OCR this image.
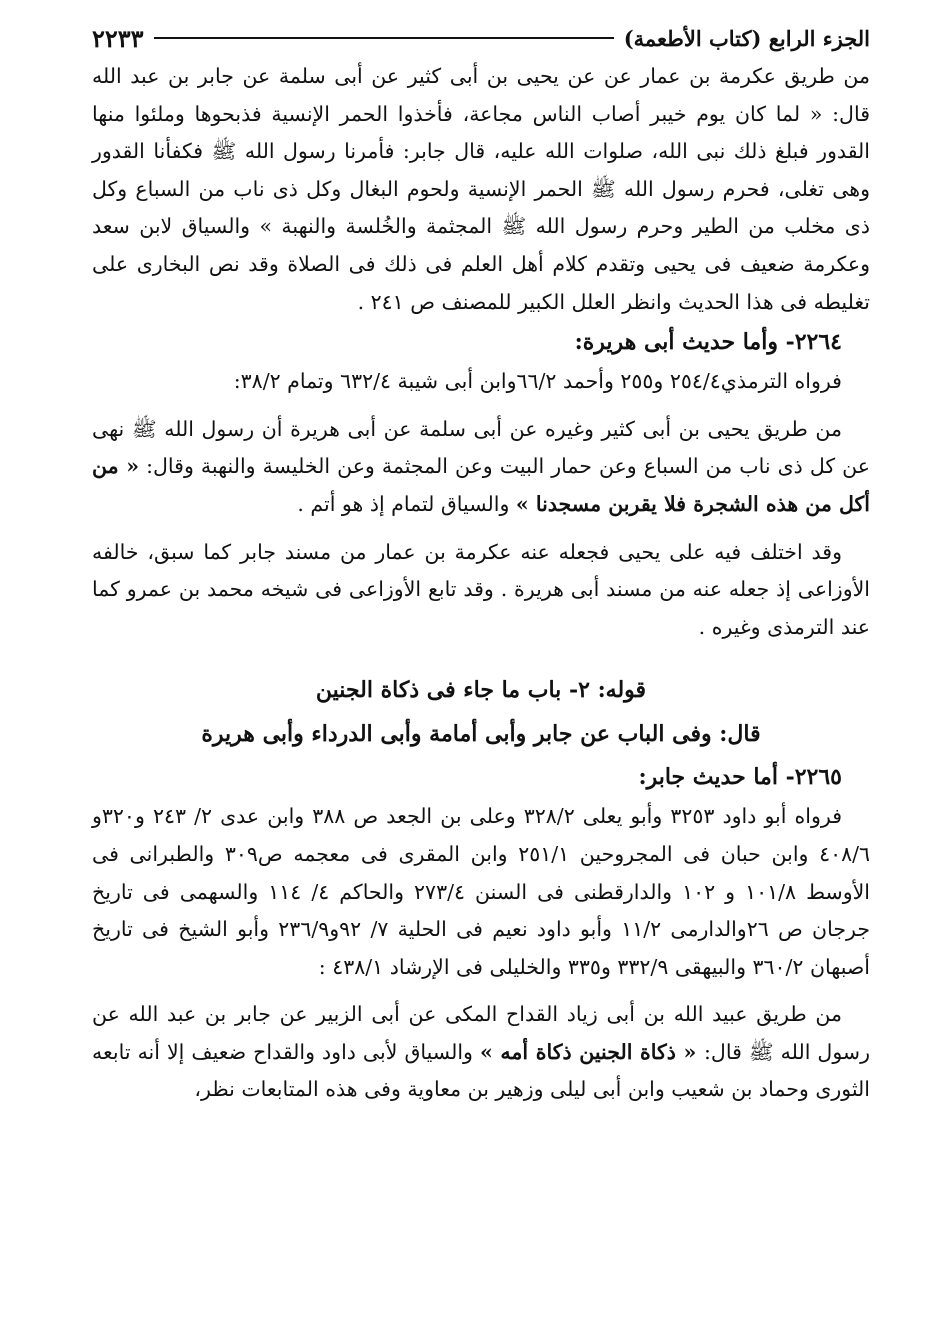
الجزء الرابع (كتاب الأطعمة)
٢٢٣٣

من طريق عكرمة بن عمار عن عن يحيى بن أبى كثير عن أبى سلمة عن جابر بن عبد الله قال: « لما كان يوم خيبر أصاب الناس مجاعة، فأخذوا الحمر الإنسية فذبحوها وملئوا منها القدور فبلغ ذلك نبى الله، صلوات الله عليه، قال جابر: فأمرنا رسول الله ﷺ فكفأنا القدور وهى تغلى، فحرم رسول الله ﷺ الحمر الإنسية ولحوم البغال وكل ذى ناب من السباع وكل ذى مخلب من الطير وحرم رسول الله ﷺ المجثمة والخُلسة والنهبة » والسياق لابن سعد وعكرمة ضعيف فى يحيى وتقدم كلام أهل العلم فى ذلك فى الصلاة وقد نص البخارى على تغليطه فى هذا الحديث وانظر العلل الكبير للمصنف ص ٢٤١ .

٢٢٦٤- وأما حديث أبى هريرة:

فرواه الترمذي٢٥٤/٤ و٢٥٥ وأحمد ٦٦/٢وابن أبى شيبة ٦٣٢/٤ وتمام ٣٨/٢:

من طريق يحيى بن أبى كثير وغيره عن أبى سلمة عن أبى هريرة أن رسول الله ﷺ نهى عن كل ذى ناب من السباع وعن حمار البيت وعن المجثمة وعن الخليسة والنهبة وقال: « من أكل من هذه الشجرة فلا يقربن مسجدنا » والسياق لتمام إذ هو أتم .

وقد اختلف فيه على يحيى فجعله عنه عكرمة بن عمار من مسند جابر كما سبق، خالفه الأوزاعى إذ جعله عنه من مسند أبى هريرة . وقد تابع الأوزاعى فى شيخه محمد بن عمرو كما عند الترمذى وغيره .

قوله: ٢- باب ما جاء فى ذكاة الجنين

قال: وفى الباب عن جابر وأبى أمامة وأبى الدرداء وأبى هريرة

٢٢٦٥- أما حديث جابر:

فرواه أبو داود ٣٢٥٣ وأبو يعلى ٣٢٨/٢ وعلى بن الجعد ص ٣٨٨ وابن عدى ٢/ ٢٤٣ و٣٢٠و ٤٠٨/٦ وابن حبان فى المجروحين ٢٥١/١ وابن المقرى فى معجمه ص٣٠٩ والطبرانى فى الأوسط ١٠١/٨ و ١٠٢ والدارقطنى فى السنن ٢٧٣/٤ والحاكم ٤/ ١١٤ والسهمى فى تاريخ جرجان ص ٢٦والدارمى ١١/٢ وأبو داود نعيم فى الحلية ٧/ ٩٢و٢٣٦/٩ وأبو الشيخ فى تاريخ أصبهان ٣٦٠/٢ والبيهقى ٣٣٢/٩ و٣٣٥ والخليلى فى الإرشاد ٤٣٨/١ :

من طريق عبيد الله بن أبى زياد القداح المكى عن أبى الزبير عن جابر بن عبد الله عن رسول الله ﷺ قال: « ذكاة الجنين ذكاة أمه » والسياق لأبى داود والقداح ضعيف إلا أنه تابعه الثورى وحماد بن شعيب وابن أبى ليلى وزهير بن معاوية وفى هذه المتابعات نظر،
